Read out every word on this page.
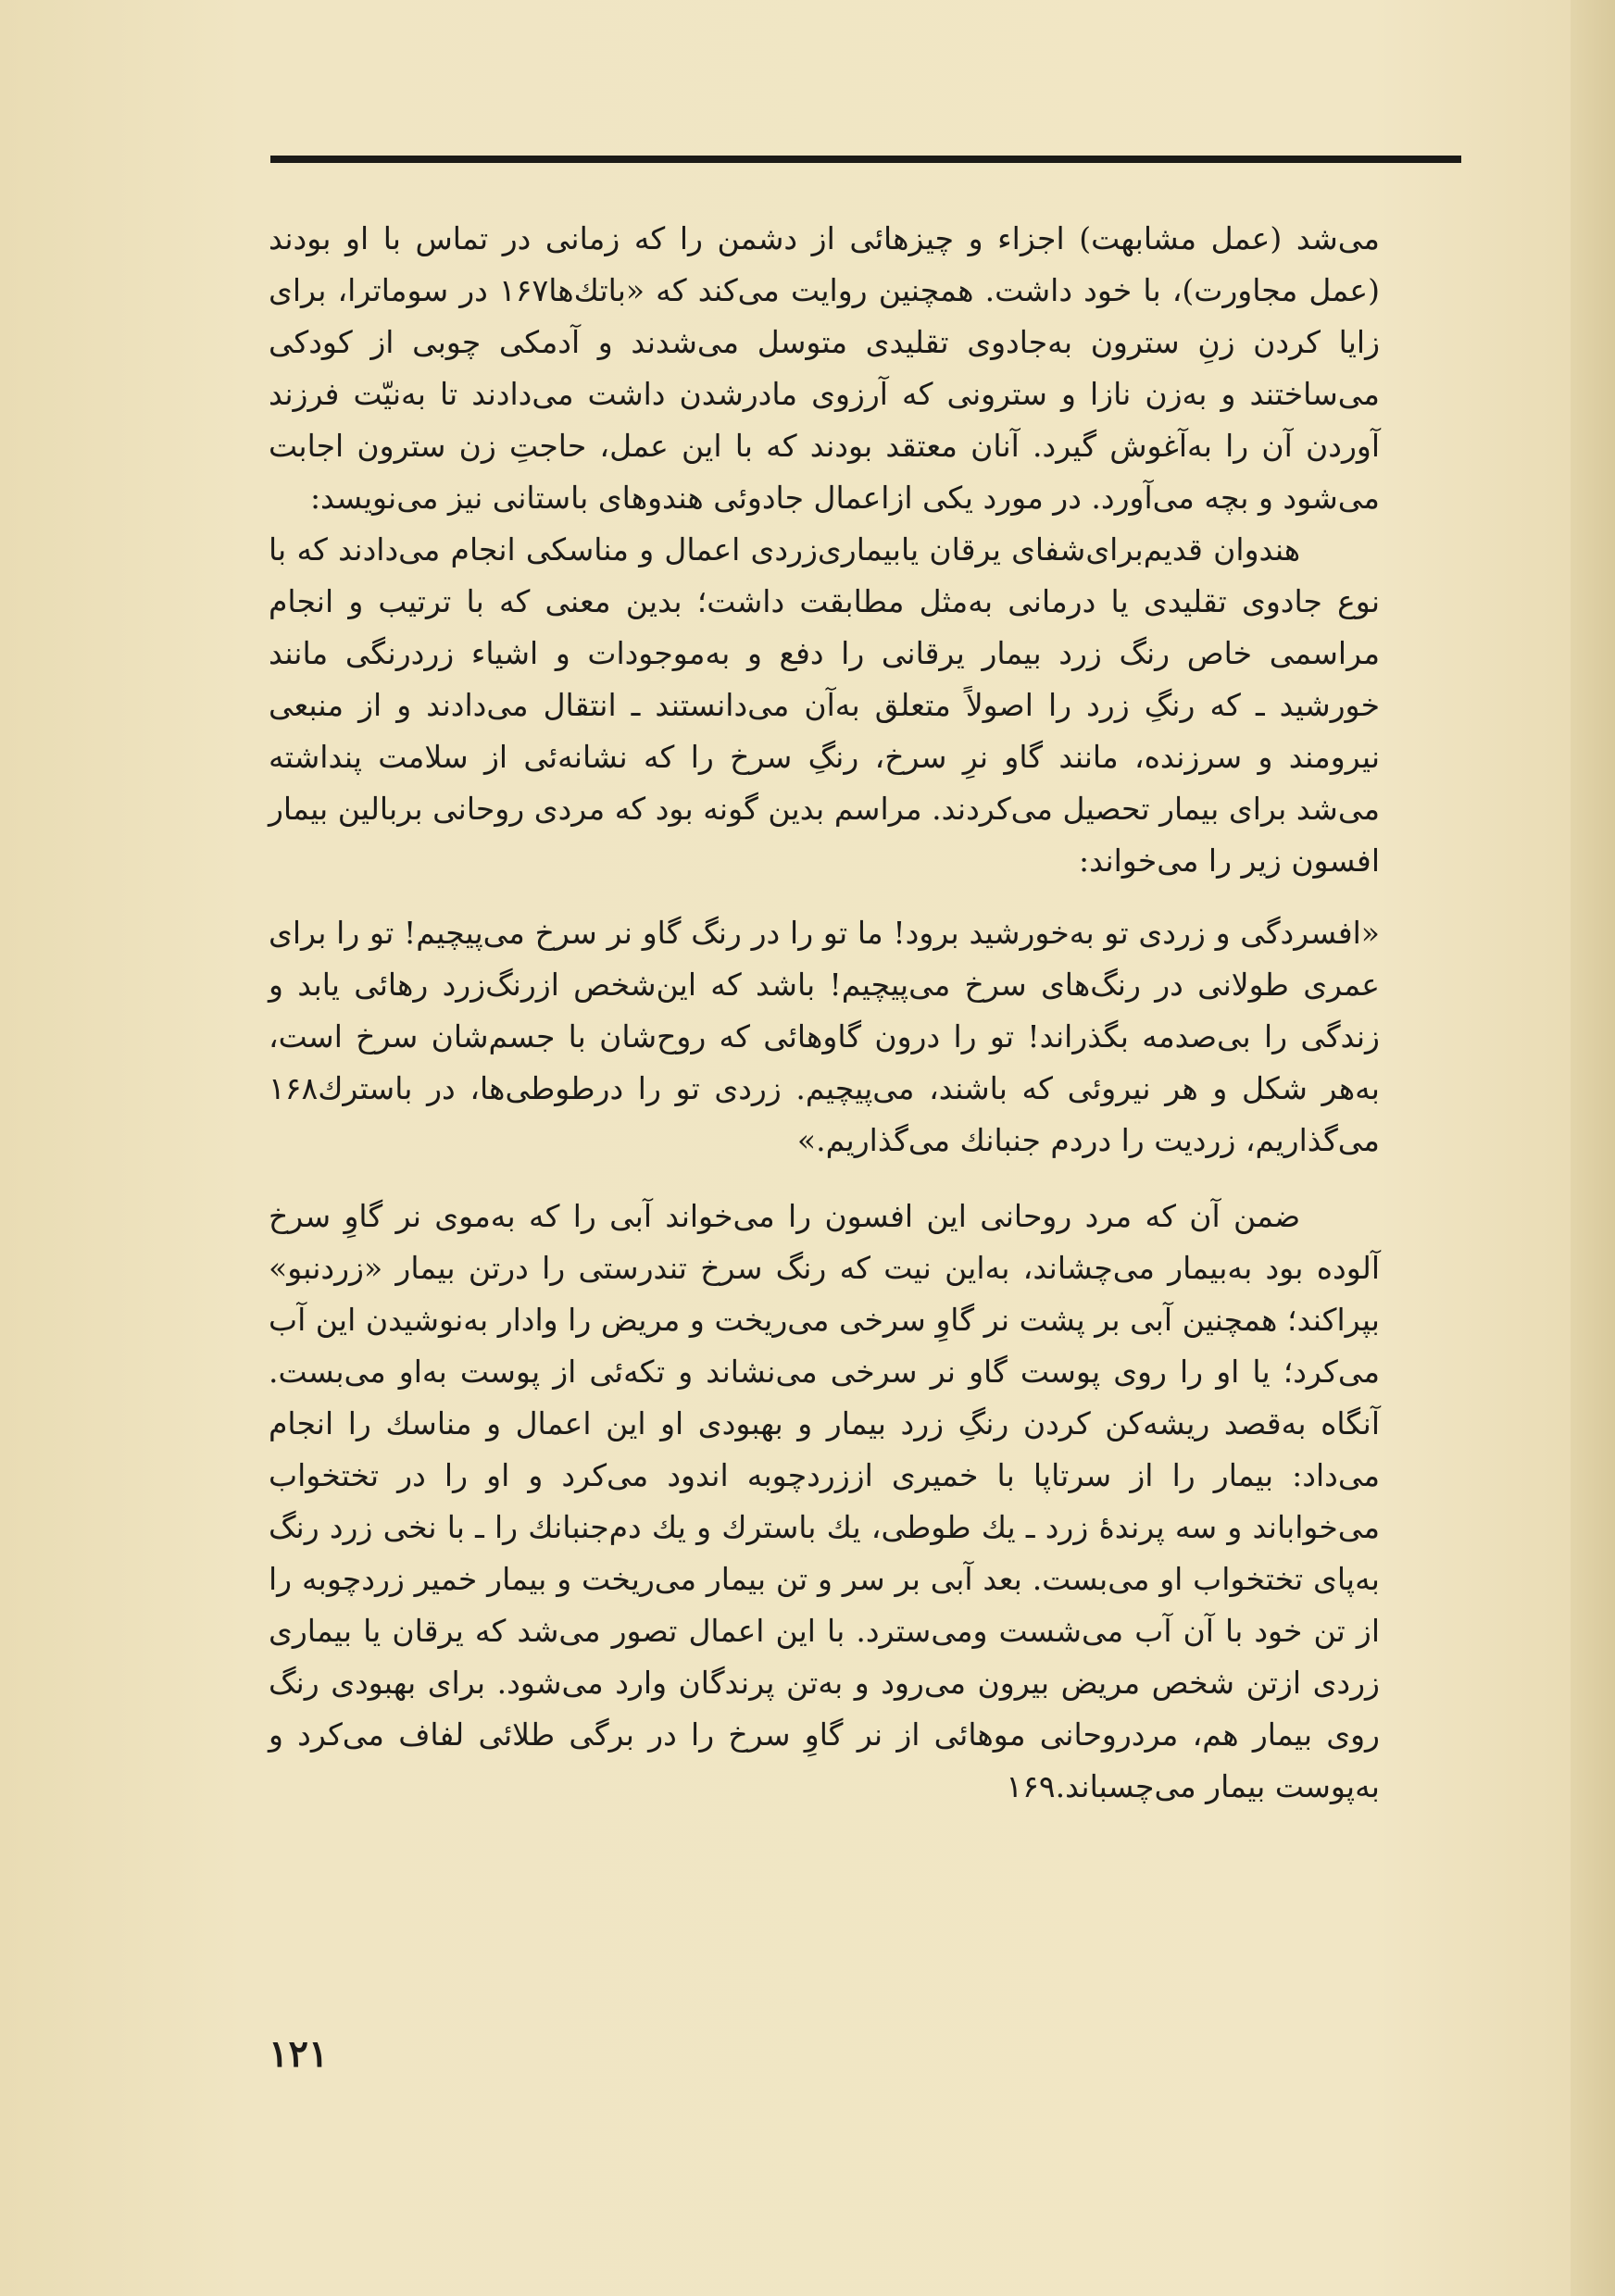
می‌شد (عمل مشابهت) اجزاء و چیزهائی از دشمن را که زمانی در تماس با او بودند (عمل مجاورت)، با خود داشت. همچنین روایت می‌کند که «باتك‌ها۱۶۷ در سوماترا، برای زایا کردن زنِ سترون به‌جادوی تقلیدی متوسل می‌شدند و آدمکی چوبی از کودکی می‌ساختند و به‌زن نازا و سترونی که آرزوی مادرشدن داشت می‌دادند تا به‌نیّت فرزند آوردن آن را به‌آغوش گیرد. آنان معتقد بودند که با این عمل، حاجتِ زن سترون اجابت می‌شود و بچه می‌آورد. در مورد یکی ازاعمال جادوئی هندوهای باستانی نیز می‌نویسد:

هندوان قدیم‌برای‌شفای یرقان یابیماری‌زردی اعمال و مناسکی انجام می‌دادند که با نوع جادوی تقلیدی یا درمانی به‌مثل مطابقت داشت؛ بدین معنی که با ترتیب و انجام مراسمی خاص رنگ زرد بیمار یرقانی را دفع و به‌موجودات و اشیاء زردرنگی مانند خورشید ـ که رنگِ زرد را اصولاً متعلق به‌آن می‌دانستند ـ انتقال می‌دادند و از منبعی نیرومند و سرزنده، مانند گاو نرِ سرخ، رنگِ سرخ را که نشانه‌ئی از سلامت پنداشته می‌شد برای بیمار تحصیل می‌کردند. مراسم بدین گونه بود که مردی روحانی بربالین بیمار افسون زیر را می‌خواند:

«افسردگی و زردی تو به‌خورشید برود! ما تو را در رنگ گاو نر سرخ می‌پیچیم! تو را برای عمری طولانی در رنگ‌های سرخ می‌پیچیم! باشد که این‌شخص ازرنگ‌زرد رهائی یابد و زندگی را بی‌صدمه بگذراند! تو را درون گاوهائی که روح‌شان با جسم‌شان سرخ است، به‌هر شکل و هر نیروئی که باشند، می‌پیچیم. زردی تو را درطوطی‌ها، در باسترك۱۶۸ می‌گذاریم، زردیت را دردم جنبانك می‌گذاریم.»

ضمن آن که مرد روحانی این افسون را می‌خواند آبی را که به‌موی نر گاوِ سرخ آلوده بود به‌بیمار می‌چشاند، به‌این نیت که رنگ سرخ تندرستی را درتن بیمار «زردنبو» بپراکند؛ همچنین آبی بر پشت نر گاوِ سرخی می‌ریخت و مریض را وادار به‌نوشیدن این آب می‌کرد؛ یا او را روی پوست گاو نر سرخی می‌نشاند و تکه‌ئی از پوست به‌او می‌بست. آنگاه به‌قصد ریشه‌کن کردن رنگِ زرد بیمار و بهبودی او این اعمال و مناسك را انجام می‌داد: بیمار را از سرتاپا با خمیری اززردچوبه اندود می‌کرد و او را در تختخواب می‌خواباند و سه پرندهٔ زرد ـ یك طوطی، یك باسترك و یك دم‌جنبانك را ـ با نخی زرد رنگ به‌پای تختخواب او می‌بست. بعد آبی بر سر و تن بیمار می‌ریخت و بیمار خمیر زردچوبه را از تن خود با آن آب می‌شست ومی‌سترد. با این اعمال تصور می‌شد که یرقان یا بیماری زردی ازتن شخص مریض بیرون می‌رود و به‌تن پرندگان وارد می‌شود. برای بهبودی رنگ روی بیمار هم، مردروحانی موهائی از نر گاوِ سرخ را در برگی طلائی لفاف می‌کرد و به‌پوست بیمار می‌چسباند.۱۶۹

۱۲۱
